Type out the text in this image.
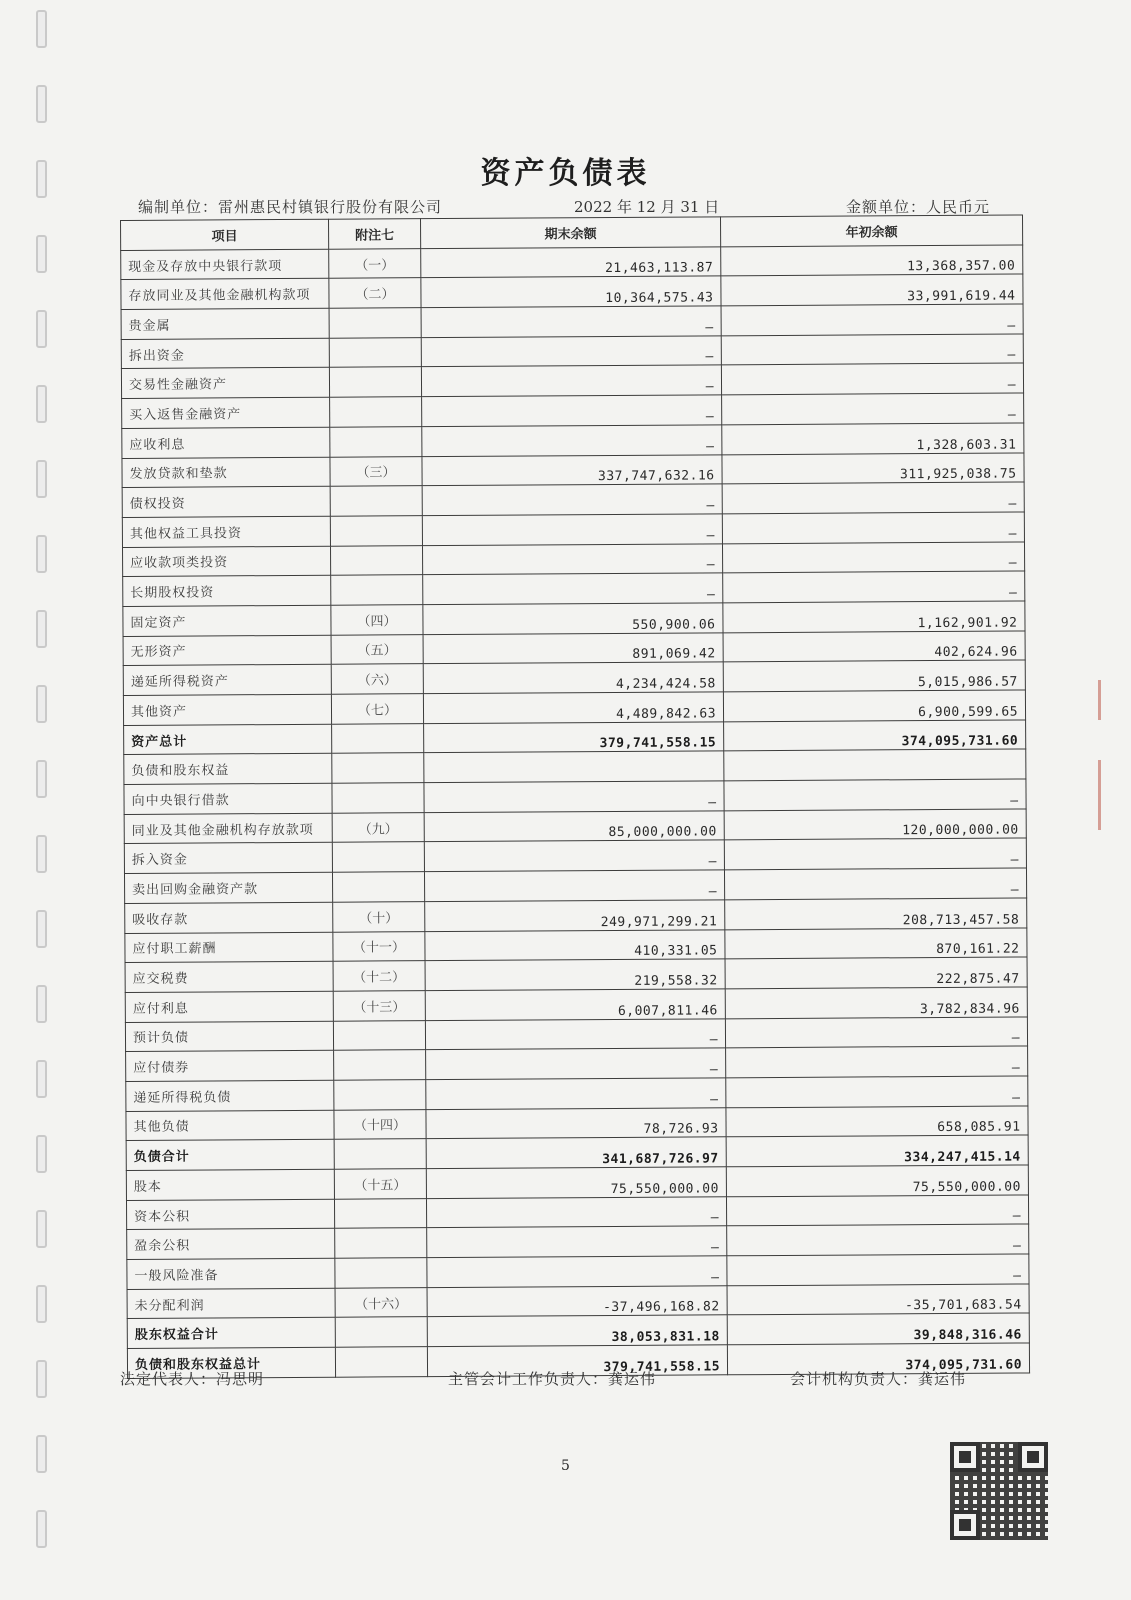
资产负债表
编制单位：雷州惠民村镇银行股份有限公司	2022 年 12 月 31 日	金额单位：人民币元
项目	附注七	期末余额	年初余额
现金及存放中央银行款项	（一）	21,463,113.87	13,368,357.00
存放同业及其他金融机构款项	（二）	10,364,575.43	33,991,619.44
贵金属		–	–
拆出资金		–	–
交易性金融资产		–	–
买入返售金融资产		–	–
应收利息		–	1,328,603.31
发放贷款和垫款	（三）	337,747,632.16	311,925,038.75
债权投资		–	–
其他权益工具投资		–	–
应收款项类投资		–	–
长期股权投资		–	–
固定资产	（四）	550,900.06	1,162,901.92
无形资产	（五）	891,069.42	402,624.96
递延所得税资产	（六）	4,234,424.58	5,015,986.57
其他资产	（七）	4,489,842.63	6,900,599.65
资产总计		379,741,558.15	374,095,731.60
负债和股东权益			
向中央银行借款		–	–
同业及其他金融机构存放款项	（九）	85,000,000.00	120,000,000.00
拆入资金		–	–
卖出回购金融资产款		–	–
吸收存款	（十）	249,971,299.21	208,713,457.58
应付职工薪酬	（十一）	410,331.05	870,161.22
应交税费	（十二）	219,558.32	222,875.47
应付利息	（十三）	6,007,811.46	3,782,834.96
预计负债		–	–
应付债券		–	–
递延所得税负债		–	–
其他负债	（十四）	78,726.93	658,085.91
负债合计		341,687,726.97	334,247,415.14
股本	（十五）	75,550,000.00	75,550,000.00
资本公积		–	–
盈余公积		–	–
一般风险准备		–	–
未分配利润	（十六）	-37,496,168.82	-35,701,683.54
股东权益合计		38,053,831.18	39,848,316.46
负债和股东权益总计		379,741,558.15	374,095,731.60
法定代表人：冯思明	主管会计工作负责人：龚运伟	会计机构负责人：龚运伟
5
